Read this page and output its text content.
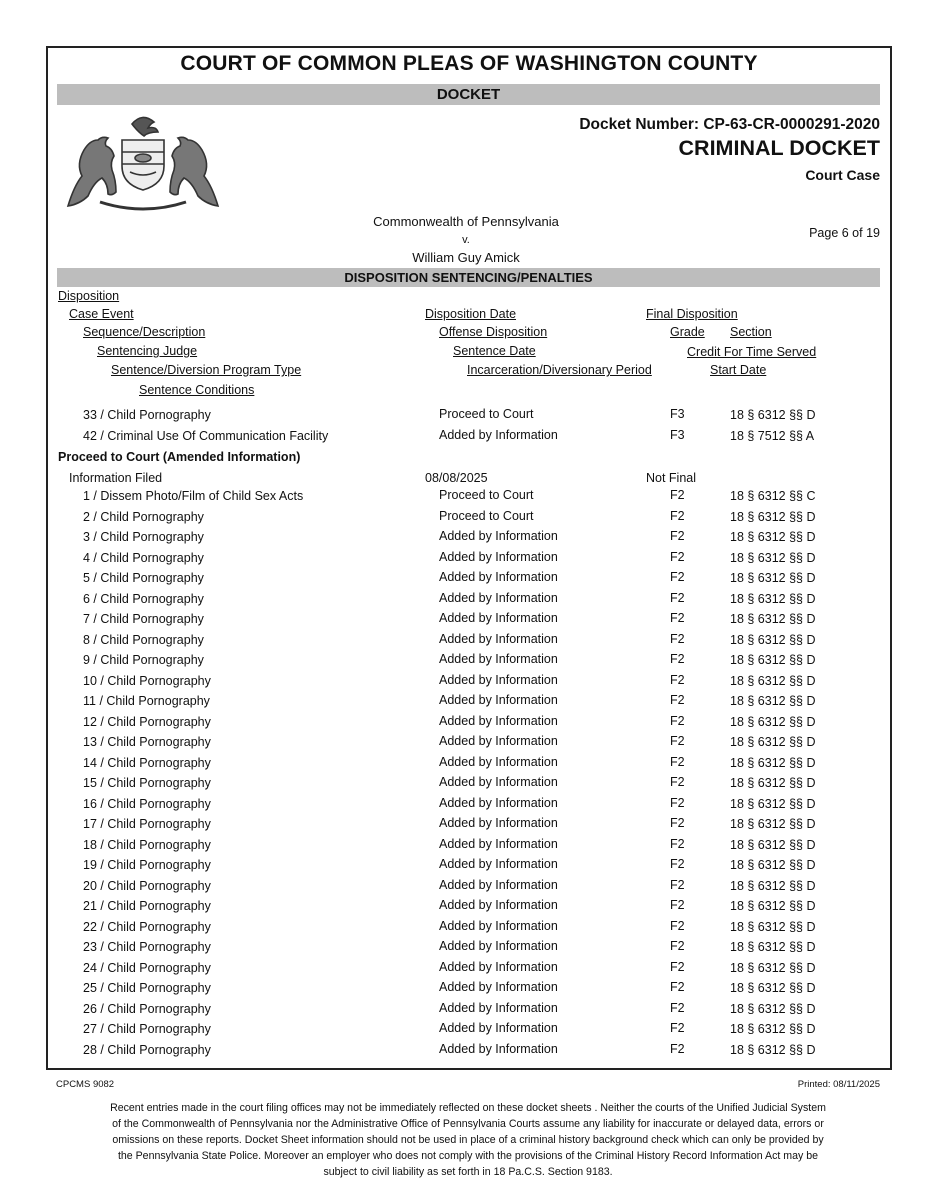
COURT OF COMMON PLEAS OF WASHINGTON COUNTY
DOCKET
Docket Number: CP-63-CR-0000291-2020
CRIMINAL DOCKET
Court Case
Commonwealth of Pennsylvania
v.
William Guy Amick
Page 6 of 19
DISPOSITION SENTENCING/PENALTIES
Disposition
Case Event	Disposition Date	Final Disposition
Sequence/Description	Offense Disposition	Grade Section
Sentencing Judge	Sentence Date	Credit For Time Served
Sentence/Diversion Program Type	Incarceration/Diversionary Period	Start Date
Sentence Conditions
33 / Child Pornography	Proceed to Court	F3	18 § 6312 §§ D
42 / Criminal Use Of Communication Facility	Added by Information	F3	18 § 7512 §§ A
Proceed to Court (Amended Information)
Information Filed	08/08/2025	Not Final
1 / Dissem Photo/Film of Child Sex Acts	Proceed to Court	F2	18 § 6312 §§ C
2 / Child Pornography	Proceed to Court	F2	18 § 6312 §§ D
3 / Child Pornography	Added by Information	F2	18 § 6312 §§ D
4 / Child Pornography	Added by Information	F2	18 § 6312 §§ D
5 / Child Pornography	Added by Information	F2	18 § 6312 §§ D
6 / Child Pornography	Added by Information	F2	18 § 6312 §§ D
7 / Child Pornography	Added by Information	F2	18 § 6312 §§ D
8 / Child Pornography	Added by Information	F2	18 § 6312 §§ D
9 / Child Pornography	Added by Information	F2	18 § 6312 §§ D
10 / Child Pornography	Added by Information	F2	18 § 6312 §§ D
11 / Child Pornography	Added by Information	F2	18 § 6312 §§ D
12 / Child Pornography	Added by Information	F2	18 § 6312 §§ D
13 / Child Pornography	Added by Information	F2	18 § 6312 §§ D
14 / Child Pornography	Added by Information	F2	18 § 6312 §§ D
15 / Child Pornography	Added by Information	F2	18 § 6312 §§ D
16 / Child Pornography	Added by Information	F2	18 § 6312 §§ D
17 / Child Pornography	Added by Information	F2	18 § 6312 §§ D
18 / Child Pornography	Added by Information	F2	18 § 6312 §§ D
19 / Child Pornography	Added by Information	F2	18 § 6312 §§ D
20 / Child Pornography	Added by Information	F2	18 § 6312 §§ D
21 / Child Pornography	Added by Information	F2	18 § 6312 §§ D
22 / Child Pornography	Added by Information	F2	18 § 6312 §§ D
23 / Child Pornography	Added by Information	F2	18 § 6312 §§ D
24 / Child Pornography	Added by Information	F2	18 § 6312 §§ D
25 / Child Pornography	Added by Information	F2	18 § 6312 §§ D
26 / Child Pornography	Added by Information	F2	18 § 6312 §§ D
27 / Child Pornography	Added by Information	F2	18 § 6312 §§ D
28 / Child Pornography	Added by Information	F2	18 § 6312 §§ D
CPCMS 9082	Printed: 08/11/2025
Recent entries made in the court filing offices may not be immediately reflected on these docket sheets . Neither the courts of the Unified Judicial System of the Commonwealth of Pennsylvania nor the Administrative Office of Pennsylvania Courts assume any liability for inaccurate or delayed data, errors or omissions on these reports. Docket Sheet information should not be used in place of a criminal history background check which can only be provided by the Pennsylvania State Police. Moreover an employer who does not comply with the provisions of the Criminal History Record Information Act may be subject to civil liability as set forth in 18 Pa.C.S. Section 9183.
